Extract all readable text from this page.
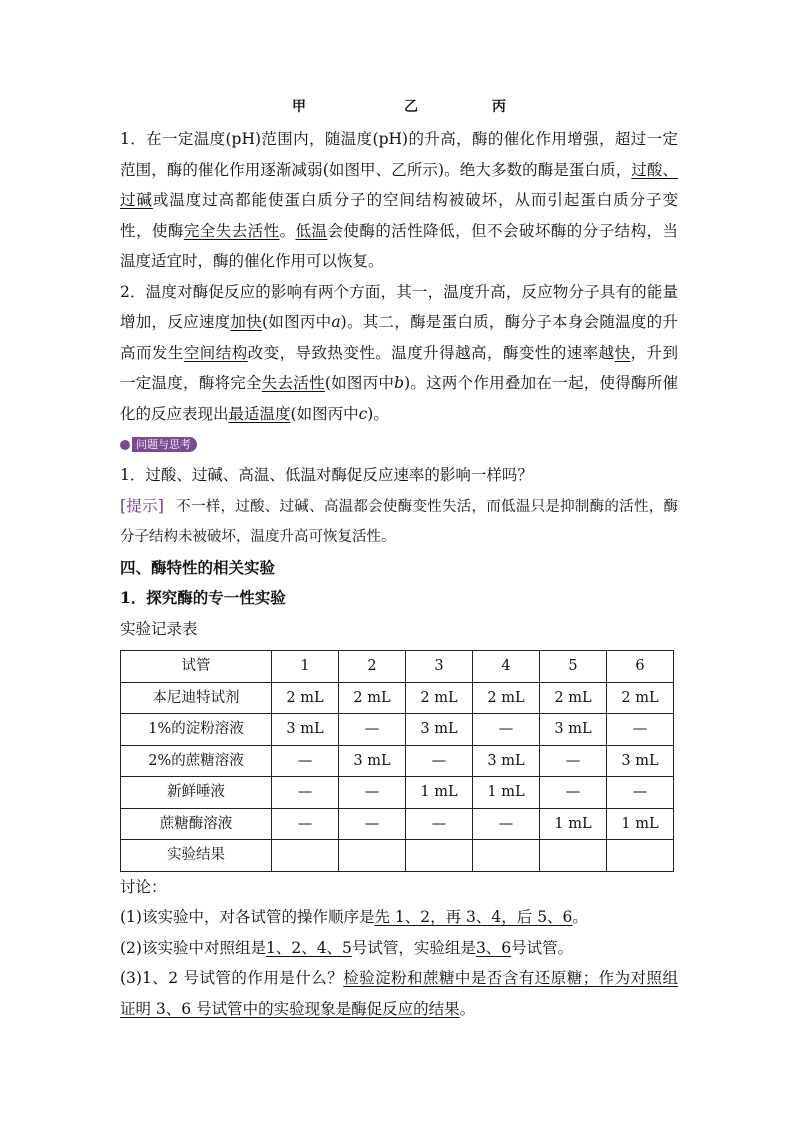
甲	乙	丙

1．在一定温度(pH)范围内，随温度(pH)的升高，酶的催化作用增强，超过一定范围，酶的催化作用逐渐减弱(如图甲、乙所示)。绝大多数的酶是蛋白质，过酸、过碱或温度过高都能使蛋白质分子的空间结构被破坏，从而引起蛋白质分子变性，使酶完全失去活性。低温会使酶的活性降低，但不会破坏酶的分子结构，当温度适宜时，酶的催化作用可以恢复。

2．温度对酶促反应的影响有两个方面，其一，温度升高，反应物分子具有的能量增加，反应速度加快(如图丙中a)。其二，酶是蛋白质，酶分子本身会随温度的升高而发生空间结构改变，导致热变性。温度升得越高，酶变性的速率越快，升到一定温度，酶将完全失去活性(如图丙中b)。这两个作用叠加在一起，使得酶所催化的反应表现出最适温度(如图丙中c)。

问题与思考

1．过酸、过碱、高温、低温对酶促反应速率的影响一样吗？

[提示] 不一样，过酸、过碱、高温都会使酶变性失活，而低温只是抑制酶的活性，酶分子结构未被破坏，温度升高可恢复活性。

四、酶特性的相关实验

1．探究酶的专一性实验

实验记录表

试管	1	2	3	4	5	6
本尼迪特试剂	2 mL	2 mL	2 mL	2 mL	2 mL	2 mL
1%的淀粉溶液	3 mL	—	3 mL	—	3 mL	—
2%的蔗糖溶液	—	3 mL	—	3 mL	—	3 mL
新鲜唾液	—	—	1 mL	1 mL	—	—
蔗糖酶溶液	—	—	—	—	1 mL	1 mL
实验结果						

讨论：

(1)该实验中，对各试管的操作顺序是先 1、2，再 3、4，后 5、6。

(2)该实验中对照组是1、2、4、5号试管，实验组是3、6号试管。

(3)1、2 号试管的作用是什么？检验淀粉和蔗糖中是否含有还原糖；作为对照组证明 3、6 号试管中的实验现象是酶促反应的结果。
